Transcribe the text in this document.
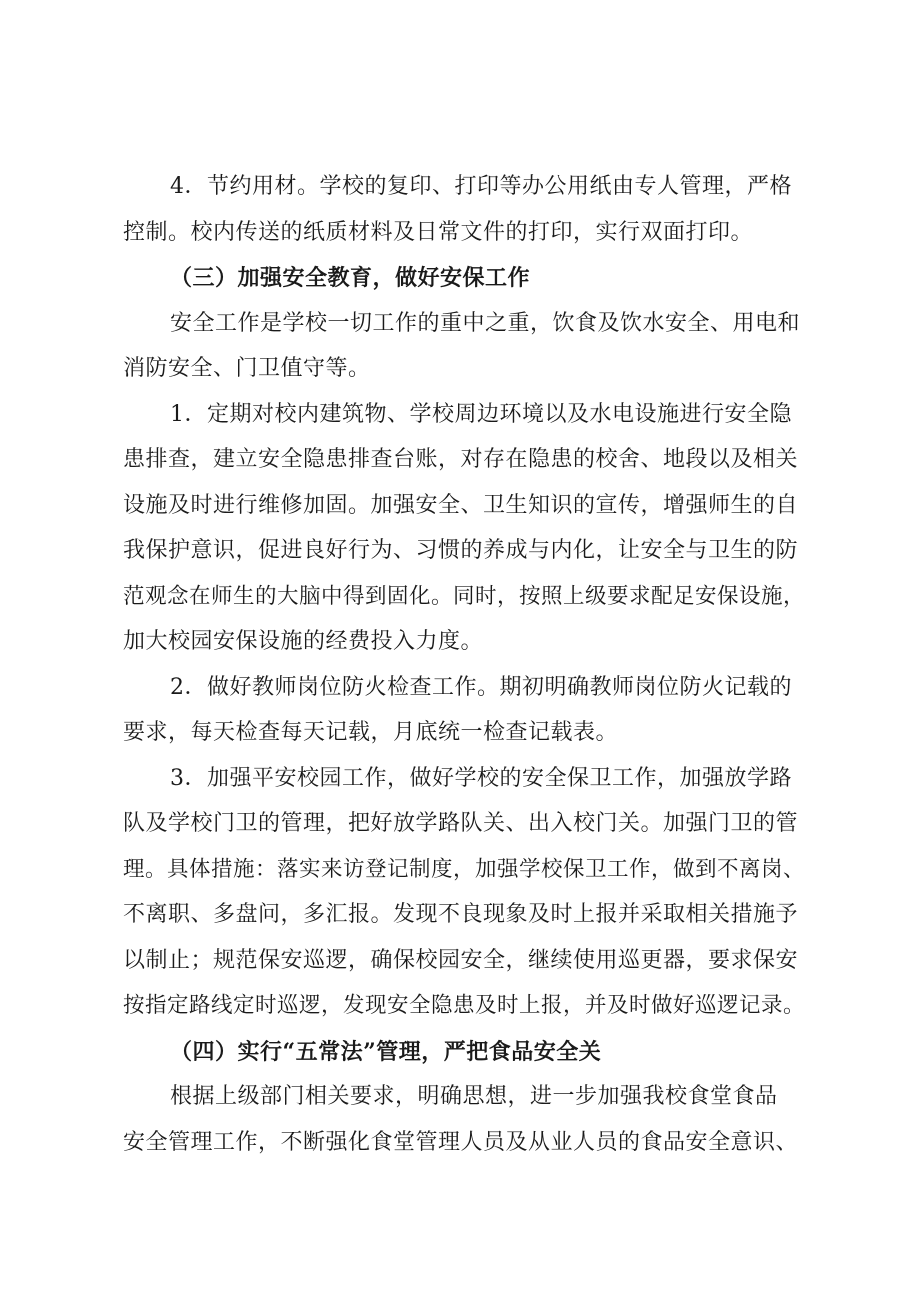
4．节约用材。学校的复印、打印等办公用纸由专人管理，严格
控制。校内传送的纸质材料及日常文件的打印，实行双面打印。
（三）加强安全教育，做好安保工作
安全工作是学校一切工作的重中之重，饮食及饮水安全、用电和
消防安全、门卫值守等。
1．定期对校内建筑物、学校周边环境以及水电设施进行安全隐
患排查，建立安全隐患排查台账，对存在隐患的校舍、地段以及相关
设施及时进行维修加固。加强安全、卫生知识的宣传，增强师生的自
我保护意识，促进良好行为、习惯的养成与内化，让安全与卫生的防
范观念在师生的大脑中得到固化。同时，按照上级要求配足安保设施，
加大校园安保设施的经费投入力度。
2．做好教师岗位防火检查工作。期初明确教师岗位防火记载的
要求，每天检查每天记载，月底统一检查记载表。
3．加强平安校园工作，做好学校的安全保卫工作，加强放学路
队及学校门卫的管理，把好放学路队关、出入校门关。加强门卫的管
理。具体措施：落实来访登记制度，加强学校保卫工作，做到不离岗、
不离职、多盘问，多汇报。发现不良现象及时上报并采取相关措施予
以制止；规范保安巡逻，确保校园安全，继续使用巡更器，要求保安
按指定路线定时巡逻，发现安全隐患及时上报，并及时做好巡逻记录。
（四）实行“五常法”管理，严把食品安全关
根据上级部门相关要求，明确思想，进一步加强我校食堂食品
安全管理工作，不断强化食堂管理人员及从业人员的食品安全意识、
